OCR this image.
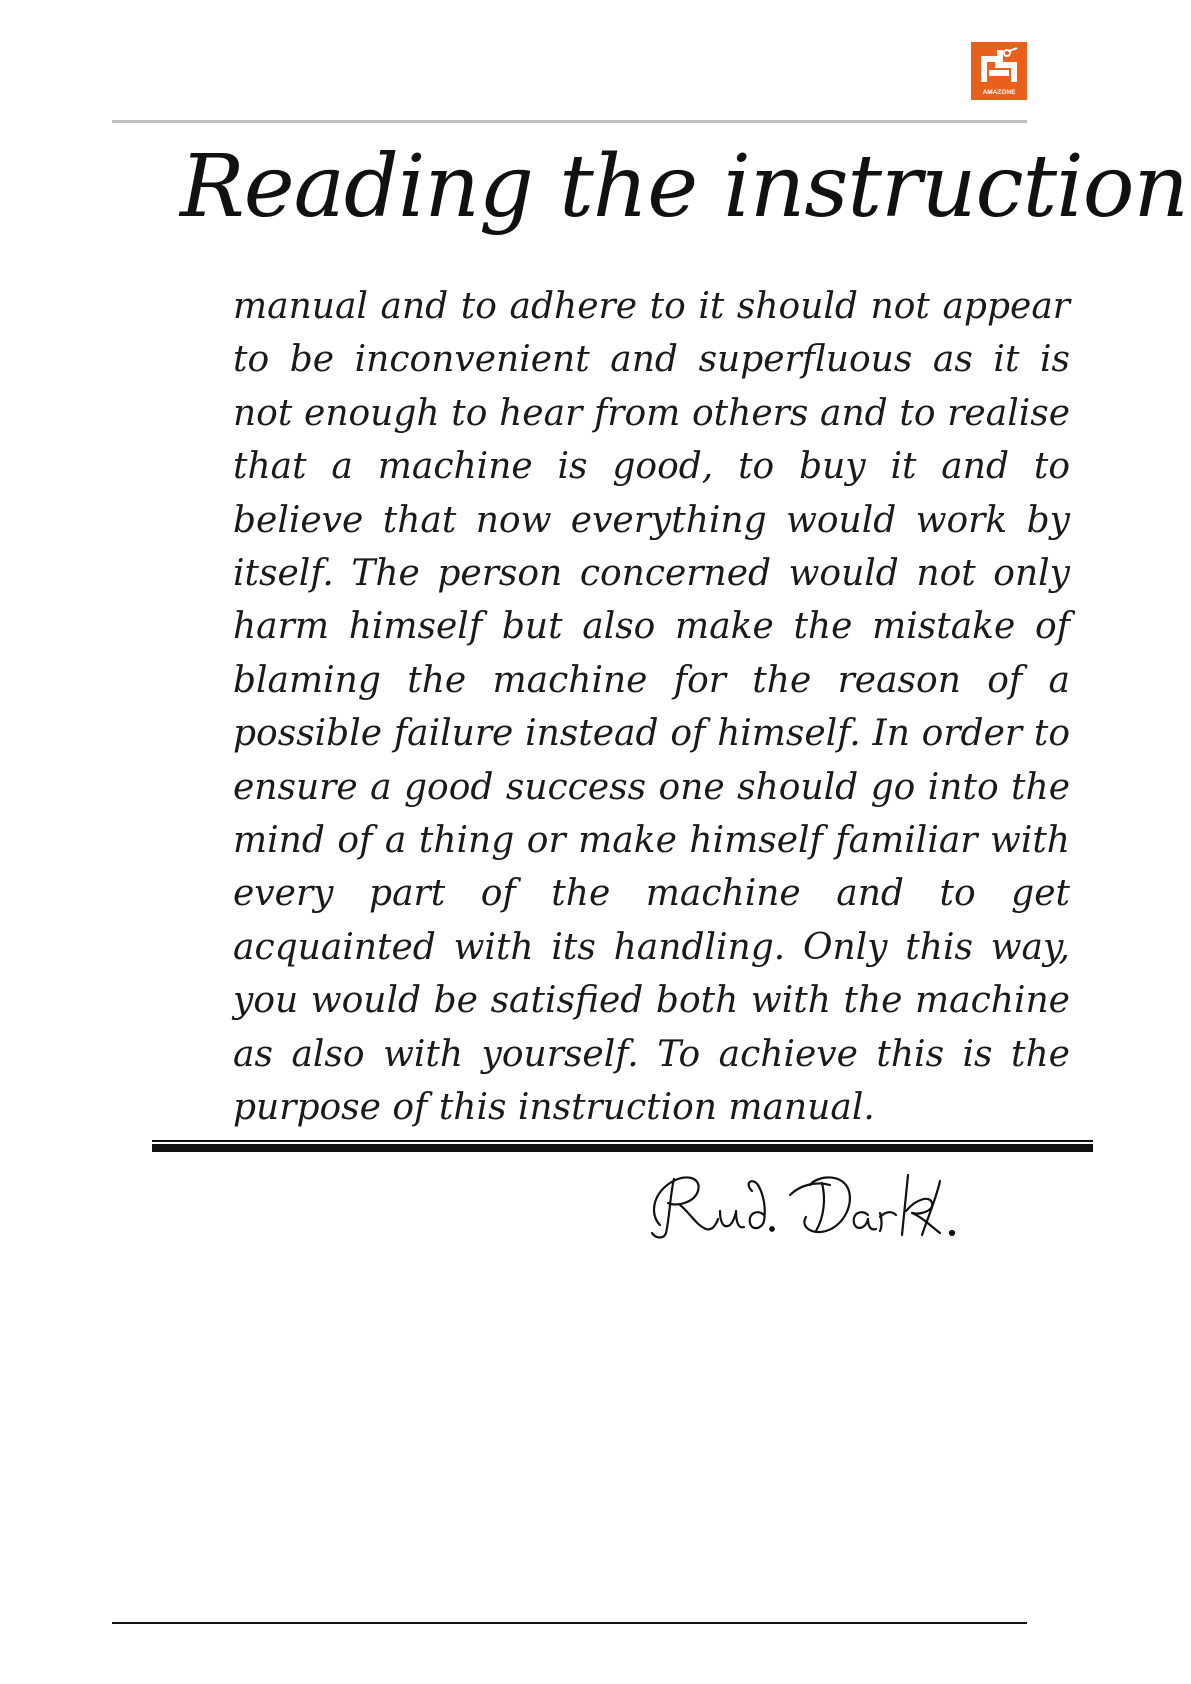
AMAZONE
Reading the instruction

manual and to adhere to it should not appear to be inconvenient and superfluous as it is not enough to hear from others and to realise that a machine is good, to buy it and to believe that now everything would work by itself. The person concerned would not only harm himself but also make the mistake of blaming the machine for the reason of a possible failure instead of himself. In order to ensure a good success one should go into the mind of a thing or make himself familiar with every part of the machine and to get acquainted with its handling. Only this way, you would be satisfied both with the machine as also with yourself. To achieve this is the purpose of this instruction manual.
